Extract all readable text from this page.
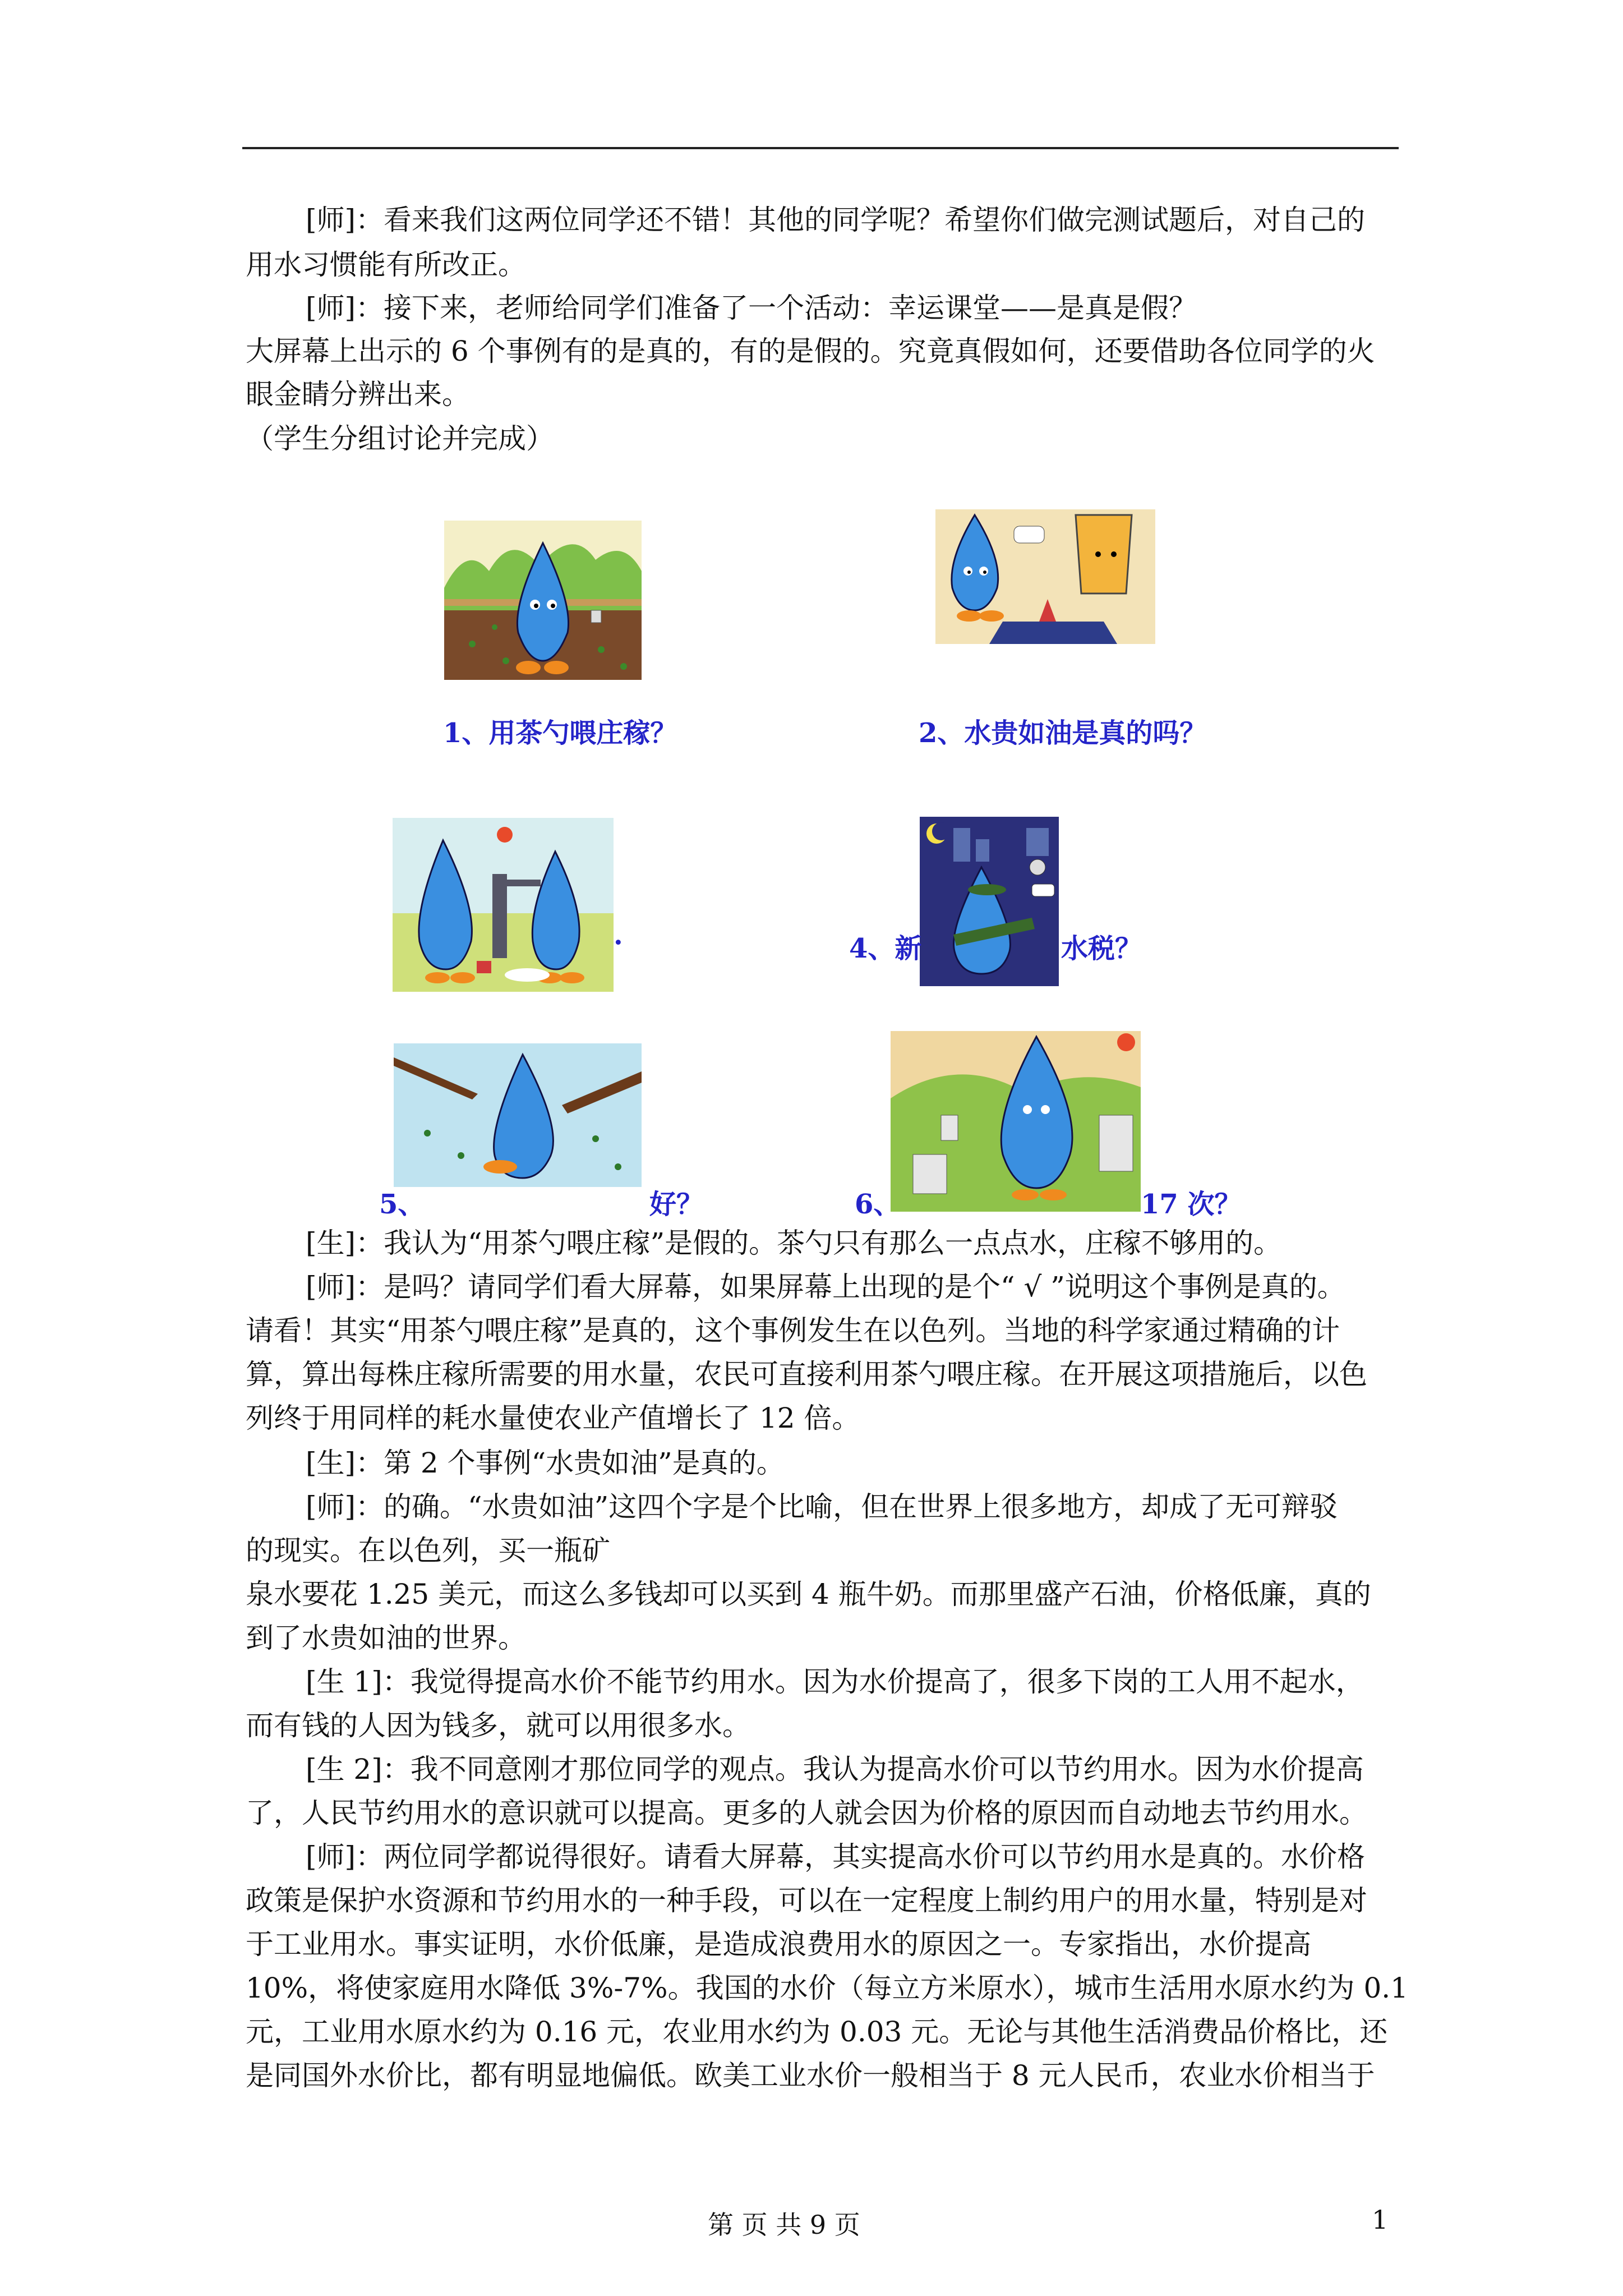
[师]：看来我们这两位同学还不错！其他的同学呢？希望你们做完测试题后，对自己的
用水习惯能有所改正。
[师]：接下来，老师给同学们准备了一个活动：幸运课堂——是真是假？
大屏幕上出示的 6 个事例有的是真的，有的是假的。究竟真假如何，还要借助各位同学的火
眼金睛分辨出来。
（学生分组讨论并完成）
1、用茶勺喂庄稼？	2、水贵如油是真的吗？
·	4、新	水税？
5、	好？	6、	17 次？
[生]：我认为“用茶勺喂庄稼”是假的。茶勺只有那么一点点水，庄稼不够用的。
[师]：是吗？请同学们看大屏幕，如果屏幕上出现的是个“ √ ”说明这个事例是真的。
请看！其实“用茶勺喂庄稼”是真的，这个事例发生在以色列。当地的科学家通过精确的计
算，算出每株庄稼所需要的用水量，农民可直接利用茶勺喂庄稼。在开展这项措施后，以色
列终于用同样的耗水量使农业产值增长了 12 倍。
[生]：第 2 个事例“水贵如油”是真的。
[师]：的确。“水贵如油”这四个字是个比喻，但在世界上很多地方，却成了无可辩驳
的现实。在以色列，买一瓶矿
泉水要花 1.25 美元，而这么多钱却可以买到 4 瓶牛奶。而那里盛产石油，价格低廉，真的
到了水贵如油的世界。
[生 1]：我觉得提高水价不能节约用水。因为水价提高了，很多下岗的工人用不起水，
而有钱的人因为钱多，就可以用很多水。
[生 2]：我不同意刚才那位同学的观点。我认为提高水价可以节约用水。因为水价提高
了，人民节约用水的意识就可以提高。更多的人就会因为价格的原因而自动地去节约用水。
[师]：两位同学都说得很好。请看大屏幕，其实提高水价可以节约用水是真的。水价格
政策是保护水资源和节约用水的一种手段，可以在一定程度上制约用户的用水量，特别是对
于工业用水。事实证明，水价低廉，是造成浪费用水的原因之一。专家指出，水价提高
10%，将使家庭用水降低 3%-7%。我国的水价（每立方米原水），城市生活用水原水约为 0.1
元，工业用水原水约为 0.16 元，农业用水约为 0.03 元。无论与其他生活消费品价格比，还
是同国外水价比，都有明显地偏低。欧美工业水价一般相当于 8 元人民币，农业水价相当于
第 页 共 9 页	1
